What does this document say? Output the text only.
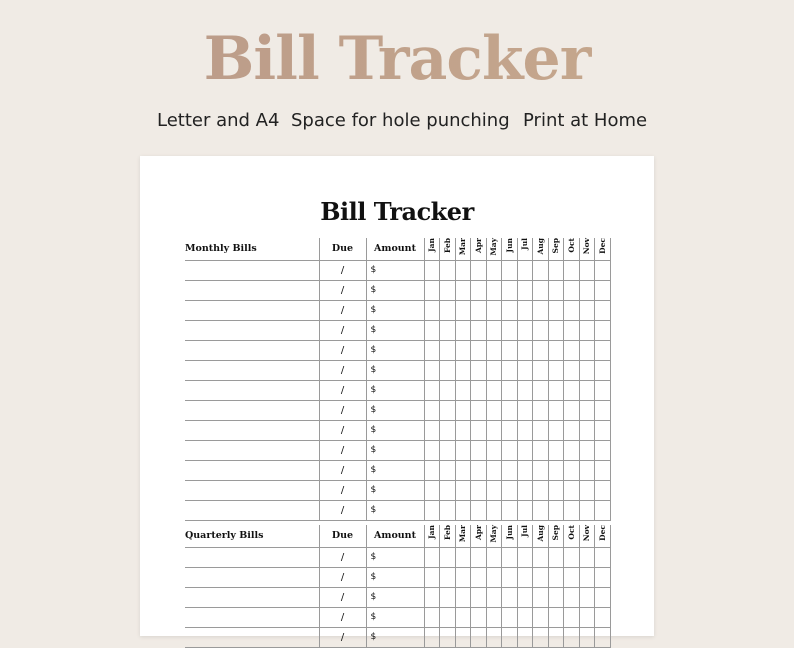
Bill Tracker
Letter and A4 Space for hole punching Print at Home
Bill Tracker
Monthly Bills	Due	Amount	Jan	Feb	Mar	Apr	May	Jun	Jul	Aug	Sep	Oct	Nov	Dec
	/	$												
	/	$												
	/	$												
	/	$												
	/	$												
	/	$												
	/	$												
	/	$												
	/	$												
	/	$												
	/	$												
	/	$												
	/	$												
Quarterly Bills	Due	Amount	Jan	Feb	Mar	Apr	May	Jun	Jul	Aug	Sep	Oct	Nov	Dec
	/	$												
	/	$												
	/	$												
	/	$												
	/	$												
